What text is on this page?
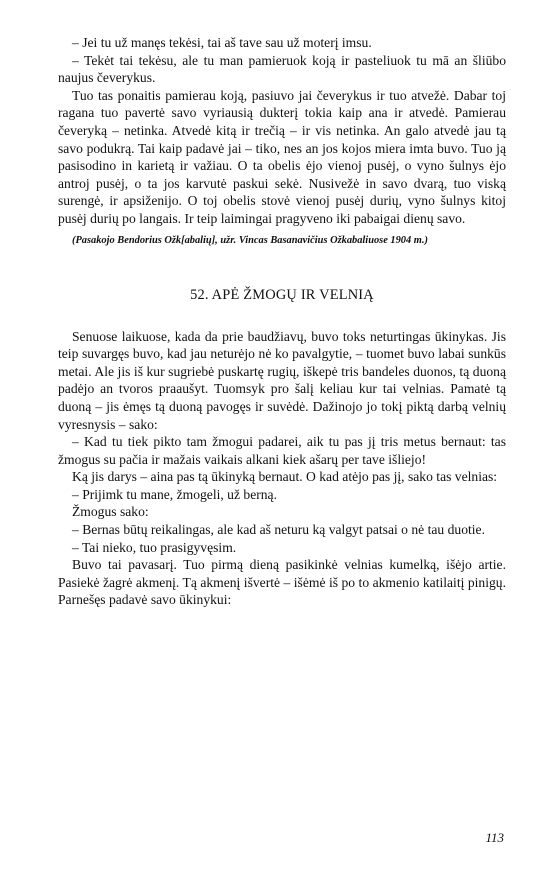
– Jei tu už manęs tekėsi, tai aš tave sau už moterį imsu.

– Tekėt tai tekėsu, ale tu man pamieruok koją ir pasteliuok tu mā an šliūbo naujus čeverykus.

Tuo tas ponaitis pamierau koją, pasiuvo jai čeverykus ir tuo atvežė. Dabar toj ragana tuo pavertė savo vyriausią dukterį tokia kaip ana ir atvedė. Pamierau čeveryką – netinka. Atvedė kitą ir trečią – ir vis netinka. An galo atvedė jau tą savo podukrą. Tai kaip padavė jai – tiko, nes an jos kojos miera imta buvo. Tuo ją pasisodino in karietą ir važiau. O ta obelis ėjo vienoj pusėj, o vyno šulnys ėjo antroj pusėj, o ta jos karvutė paskui sekė. Nusivežė in savo dvarą, tuo viską surengė, ir apsiženijo. O toj obelis stovė vienoj pusėj durių, vyno šulnys kitoj pusėj durių po langais. Ir teip laimingai pragyveno iki pabaigai dienų savo.

(Pasakojo Bendorius Ožk[abalių], užr. Vincas Basanavičius Ožkabaliuose 1904 m.)

52. APĖ ŽMOGŲ IR VELNIĄ

Senuose laikuose, kada da prie baudžiavų, buvo toks neturtingas ūkinykas. Jis teip suvargęs buvo, kad jau neturėjo nė ko pavalgytie, – tuomet buvo labai sunkūs metai. Ale jis iš kur sugriebė puskartę rugių, iškepė tris bandeles duonos, tą duoną padėjo an tvoros praaušyt. Tuomsyk pro šalį keliau kur tai velnias. Pamatė tą duoną – jis ėmęs tą duoną pavogęs ir suvėdė. Dažinojo jo tokį piktą darbą velnių vyresnysis – sako:

– Kad tu tiek pikto tam žmogui padarei, aik tu pas jį tris metus bernaut: tas žmogus su pačia ir mažais vaikais alkani kiek ašarų per tave išliejo!

Ką jis darys – aina pas tą ūkinyką bernaut. O kad atėjo pas jį, sako tas velnias:

– Prijimk tu mane, žmogeli, už berną.

Žmogus sako:

– Bernas būtų reikalingas, ale kad aš neturu ką valgyt patsai o nė tau duotie.

– Tai nieko, tuo prasigyvęsim.

Buvo tai pavasarį. Tuo pirmą dieną pasikinkė velnias kumelką, išėjo artie. Pasiekė žagrė akmenį. Tą akmenį išvertė – išėmė iš po to akmenio katilaitį pinigų. Parnešęs padavė savo ūkinykui:

113
